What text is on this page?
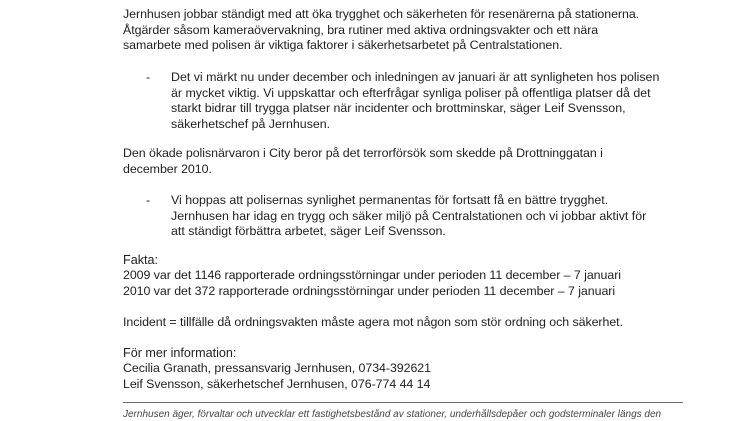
Jernhusen jobbar ständigt med att öka trygghet och säkerheten för resenärerna på stationerna.
Åtgärder såsom kameraövervakning, bra rutiner med aktiva ordningsvakter och ett nära
samarbete med polisen är viktiga faktorer i säkerhetsarbetet på Centralstationen.
- Det vi märkt nu under december och inledningen av januari är att synligheten hos polisen
är mycket viktig. Vi uppskattar och efterfrågar synliga poliser på offentliga platser då det
starkt bidrar till trygga platser när incidenter och brottminskar, säger Leif Svensson,
säkerhetschef på Jernhusen.
Den ökade polisnärvaron i City beror på det terrorförsök som skedde på Drottninggatan i
december 2010.
- Vi hoppas att polisernas synlighet permanentas för fortsatt få en bättre trygghet.
Jernhusen har idag en trygg och säker miljö på Centralstationen och vi jobbar aktivt för
att ständigt förbättra arbetet, säger Leif Svensson.
Fakta:
2009 var det 1146 rapporterade ordningsstörningar under perioden 11 december – 7 januari
2010 var det 372 rapporterade ordningsstörningar under perioden 11 december – 7 januari
Incident = tillfälle då ordningsvakten måste agera mot någon som stör ordning och säkerhet.
För mer information:
Cecilia Granath, pressansvarig Jernhusen, 0734-392621
Leif Svensson, säkerhetschef Jernhusen, 076-774 44 14
Jernhusen äger, förvaltar och utvecklar ett fastighetsbestånd av stationer, underhållsdepåer och godsterminaler längs den
